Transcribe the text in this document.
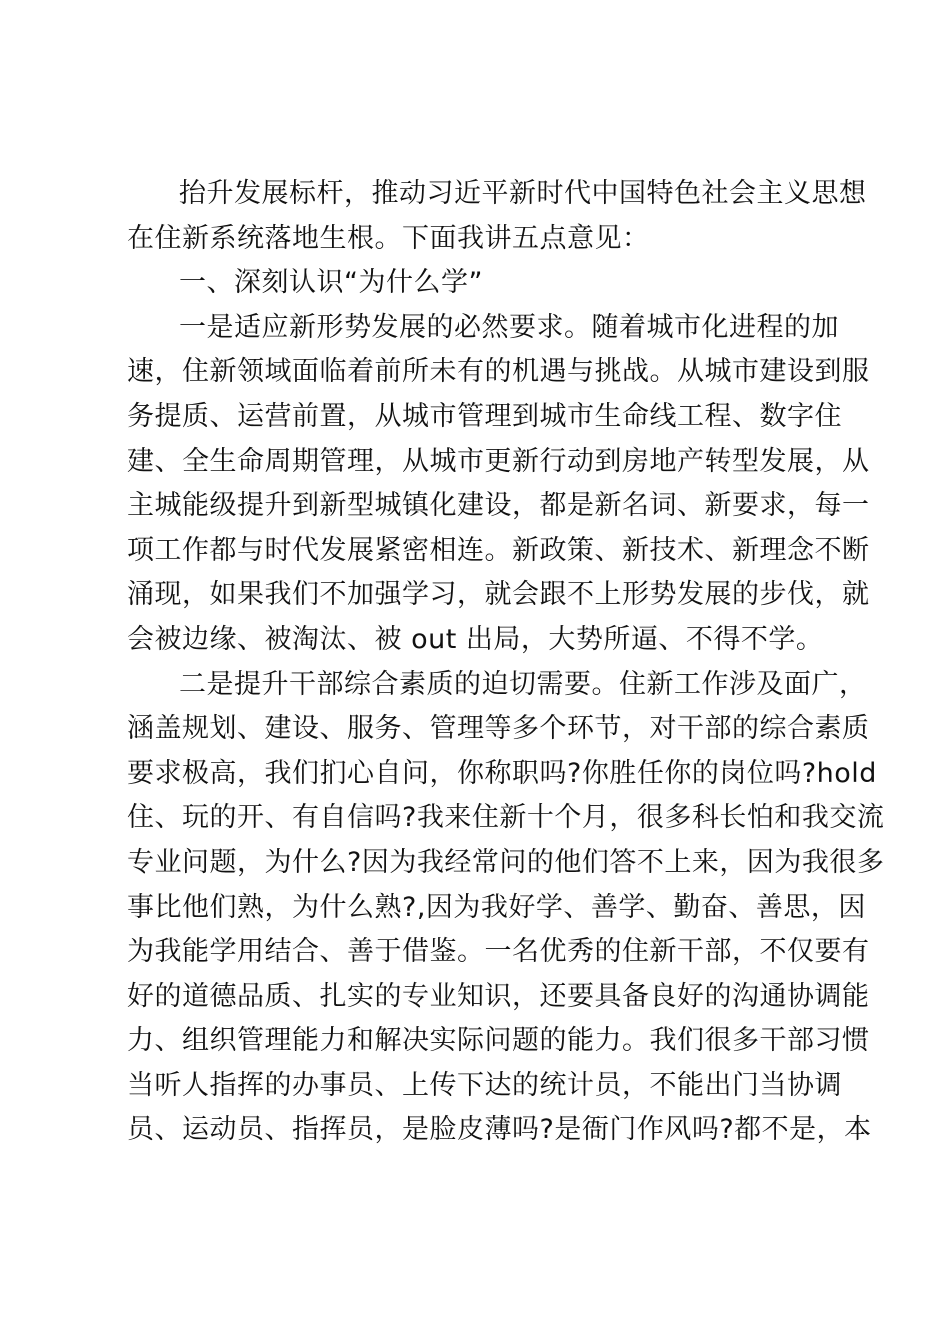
抬升发展标杆，推动习近平新时代中国特色社会主义思想
在住新系统落地生根。下面我讲五点意见：
一、深刻认识“为什么学”
一是适应新形势发展的必然要求。随着城市化进程的加
速，住新领域面临着前所未有的机遇与挑战。从城市建设到服
务提质、运营前置，从城市管理到城市生命线工程、数字住
建、全生命周期管理，从城市更新行动到房地产转型发展，从
主城能级提升到新型城镇化建设，都是新名词、新要求，每一
项工作都与时代发展紧密相连。新政策、新技术、新理念不断
涌现，如果我们不加强学习，就会跟不上形势发展的步伐，就
会被边缘、被淘汰、被 out 出局，大势所逼、不得不学。
二是提升干部综合素质的迫切需要。住新工作涉及面广，
涵盖规划、建设、服务、管理等多个环节，对干部的综合素质
要求极高，我们扪心自问，你称职吗?你胜任你的岗位吗?hold
住、玩的开、有自信吗?我来住新十个月，很多科长怕和我交流
专业问题，为什么?因为我经常问的他们答不上来，因为我很多
事比他们熟，为什么熟?,因为我好学、善学、勤奋、善思，因
为我能学用结合、善于借鉴。一名优秀的住新干部，不仅要有
好的道德品质、扎实的专业知识，还要具备良好的沟通协调能
力、组织管理能力和解决实际问题的能力。我们很多干部习惯
当听人指挥的办事员、上传下达的统计员，不能出门当协调
员、运动员、指挥员，是脸皮薄吗?是衙门作风吗?都不是，本
